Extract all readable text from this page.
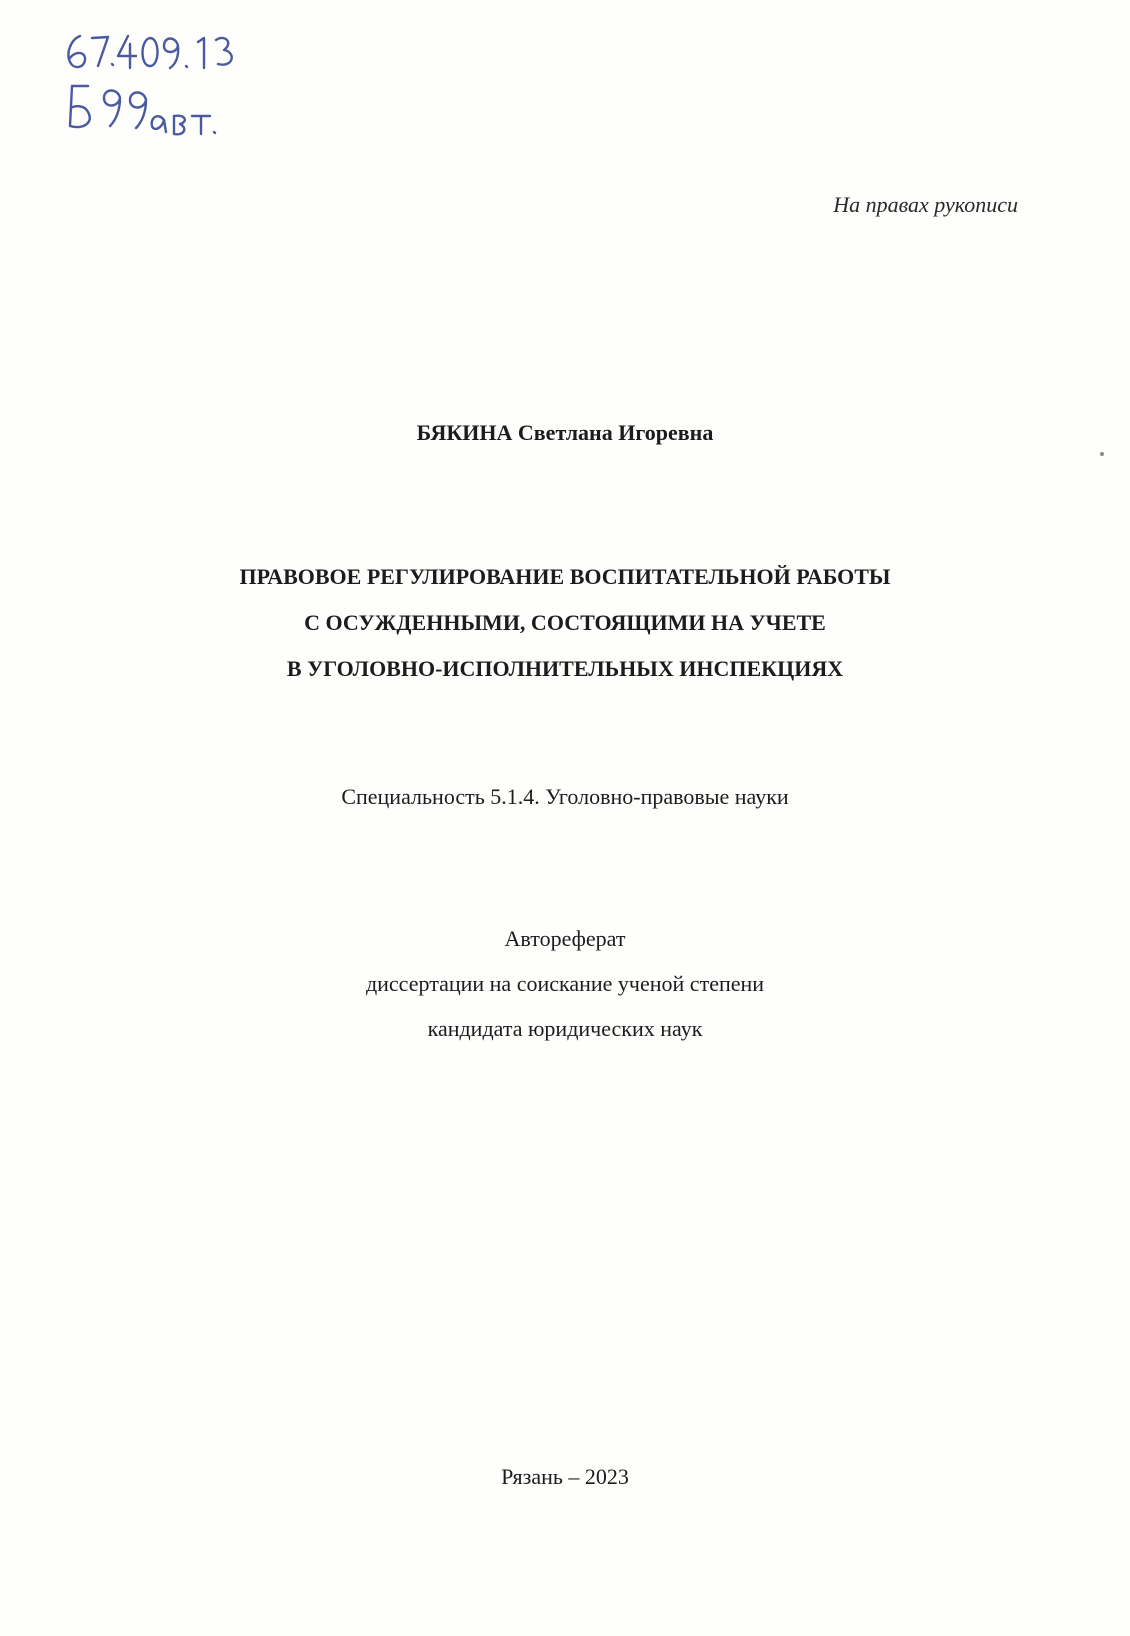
На правах рукописи
БЯКИНА Светлана Игоревна
ПРАВОВОЕ РЕГУЛИРОВАНИЕ ВОСПИТАТЕЛЬНОЙ РАБОТЫ
С ОСУЖДЕННЫМИ, СОСТОЯЩИМИ НА УЧЕТЕ
В УГОЛОВНО-ИСПОЛНИТЕЛЬНЫХ ИНСПЕКЦИЯХ
Специальность 5.1.4. Уголовно-правовые науки
Автореферат
диссертации на соискание ученой степени
кандидата юридических наук
Рязань – 2023
